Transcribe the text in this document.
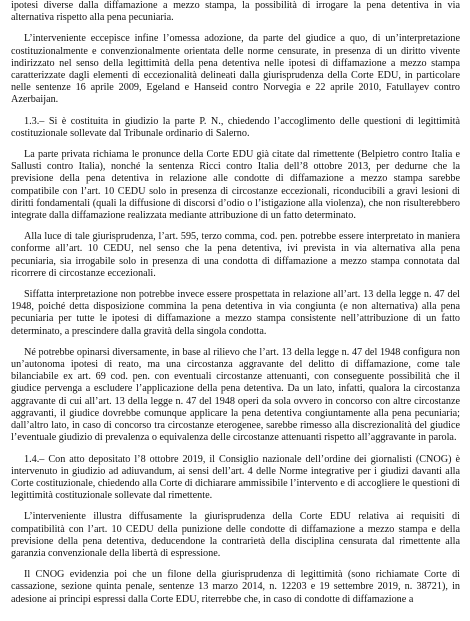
ipotesi diverse dalla diffamazione a mezzo stampa, la possibilità di irrogare la pena detentiva in via alternativa rispetto alla pena pecuniaria.

L’interveniente eccepisce infine l’omessa adozione, da parte del giudice a quo, di un’interpretazione costituzionalmente e convenzionalmente orientata delle norme censurate, in presenza di un diritto vivente indirizzato nel senso della legittimità della pena detentiva nelle ipotesi di diffamazione a mezzo stampa caratterizzate dagli elementi di eccezionalità delineati dalla giurisprudenza della Corte EDU, in particolare nelle sentenze 16 aprile 2009, Egeland e Hanseid contro Norvegia e 22 aprile 2010, Fatullayev contro Azerbaijan.

1.3.– Si è costituita in giudizio la parte P. N., chiedendo l’accoglimento delle questioni di legittimità costituzionale sollevate dal Tribunale ordinario di Salerno.

La parte privata richiama le pronunce della Corte EDU già citate dal rimettente (Belpietro contro Italia e Sallusti contro Italia), nonché la sentenza Ricci contro Italia dell’8 ottobre 2013, per dedurne che la previsione della pena detentiva in relazione alle condotte di diffamazione a mezzo stampa sarebbe compatibile con l’art. 10 CEDU solo in presenza di circostanze eccezionali, riconducibili a gravi lesioni di diritti fondamentali (quali la diffusione di discorsi d’odio o l’istigazione alla violenza), che non risulterebbero integrate dalla diffamazione realizzata mediante attribuzione di un fatto determinato.

Alla luce di tale giurisprudenza, l’art. 595, terzo comma, cod. pen. potrebbe essere interpretato in maniera conforme all’art. 10 CEDU, nel senso che la pena detentiva, ivi prevista in via alternativa alla pena pecuniaria, sia irrogabile solo in presenza di una condotta di diffamazione a mezzo stampa connotata dal ricorrere di circostanze eccezionali.

Siffatta interpretazione non potrebbe invece essere prospettata in relazione all’art. 13 della legge n. 47 del 1948, poiché detta disposizione commina la pena detentiva in via congiunta (e non alternativa) alla pena pecuniaria per tutte le ipotesi di diffamazione a mezzo stampa consistente nell’attribuzione di un fatto determinato, a prescindere dalla gravità della singola condotta.

Né potrebbe opinarsi diversamente, in base al rilievo che l’art. 13 della legge n. 47 del 1948 configura non un’autonoma ipotesi di reato, ma una circostanza aggravante del delitto di diffamazione, come tale bilanciabile ex art. 69 cod. pen. con eventuali circostanze attenuanti, con conseguente possibilità che il giudice pervenga a escludere l’applicazione della pena detentiva. Da un lato, infatti, qualora la circostanza aggravante di cui all’art. 13 della legge n. 47 del 1948 operi da sola ovvero in concorso con altre circostanze aggravanti, il giudice dovrebbe comunque applicare la pena detentiva congiuntamente alla pena pecuniaria; dall’altro lato, in caso di concorso tra circostanze eterogenee, sarebbe rimesso alla discrezionalità del giudice l’eventuale giudizio di prevalenza o equivalenza delle circostanze attenuanti rispetto all’aggravante in parola.

1.4.– Con atto depositato l’8 ottobre 2019, il Consiglio nazionale dell’ordine dei giornalisti (CNOG) è intervenuto in giudizio ad adiuvandum, ai sensi dell’art. 4 delle Norme integrative per i giudizi davanti alla Corte costituzionale, chiedendo alla Corte di dichiarare ammissibile l’intervento e di accogliere le questioni di legittimità costituzionale sollevate dal rimettente.

L’interveniente illustra diffusamente la giurisprudenza della Corte EDU relativa ai requisiti di compatibilità con l’art. 10 CEDU della punizione delle condotte di diffamazione a mezzo stampa e della previsione della pena detentiva, deducendone la contrarietà della disciplina censurata dal rimettente alla garanzia convenzionale della libertà di espressione.

Il CNOG evidenzia poi che un filone della giurisprudenza di legittimità (sono richiamate Corte di cassazione, sezione quinta penale, sentenze 13 marzo 2014, n. 12203 e 19 settembre 2019, n. 38721), in adesione ai principi espressi dalla Corte EDU, riterrebbe che, in caso di condotte di diffamazione a
